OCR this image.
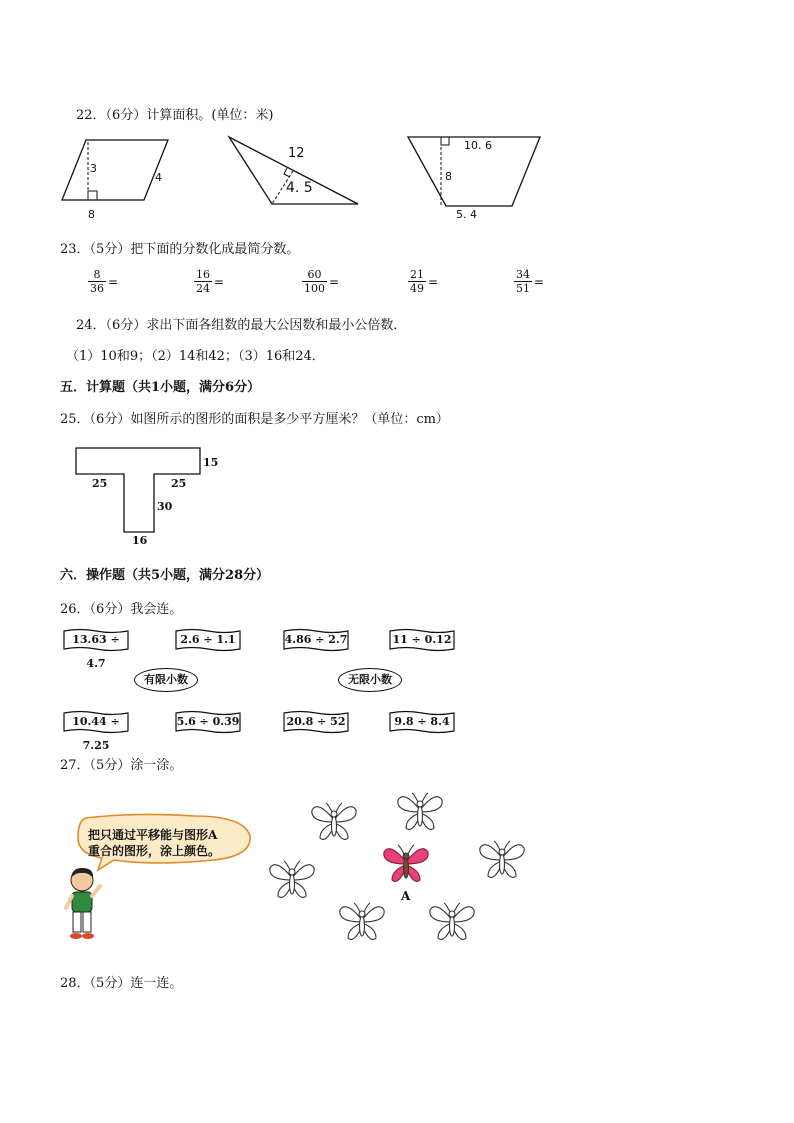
22．（6分）计算面积。(单位：米)
3
4
8
12
4. 5
10. 6
8
5. 4
23．（5分）把下面的分数化成最简分数。
$\frac{8}{36}$ =	$\frac{16}{24}$ =	$\frac{60}{100}$ =	$\frac{21}{49}$ =	$\frac{34}{51}$ =
24．（6分）求出下面各组数的最大公因数和最小公倍数．
（1）10和9；（2）14和42；（3）16和24．
五．计算题（共1小题，满分6分）
25．（6分）如图所示的图形的面积是多少平方厘米？（单位：cm）
15
25	25
30
16
六．操作题（共5小题，满分28分）
26．（6分）我会连。
13.63 ÷ 4.7
2.6 ÷ 1.1	4.86 ÷ 2.7	11 ÷ 0.12
有限小数	无限小数
10.44 ÷ 7.25
5.6 ÷ 0.39	20.8 ÷ 52	9.8 ÷ 8.4
27．（5分）涂一涂。
把只通过平移能与图形A
重合的图形，涂上颜色。
A
28．（5分）连一连。
